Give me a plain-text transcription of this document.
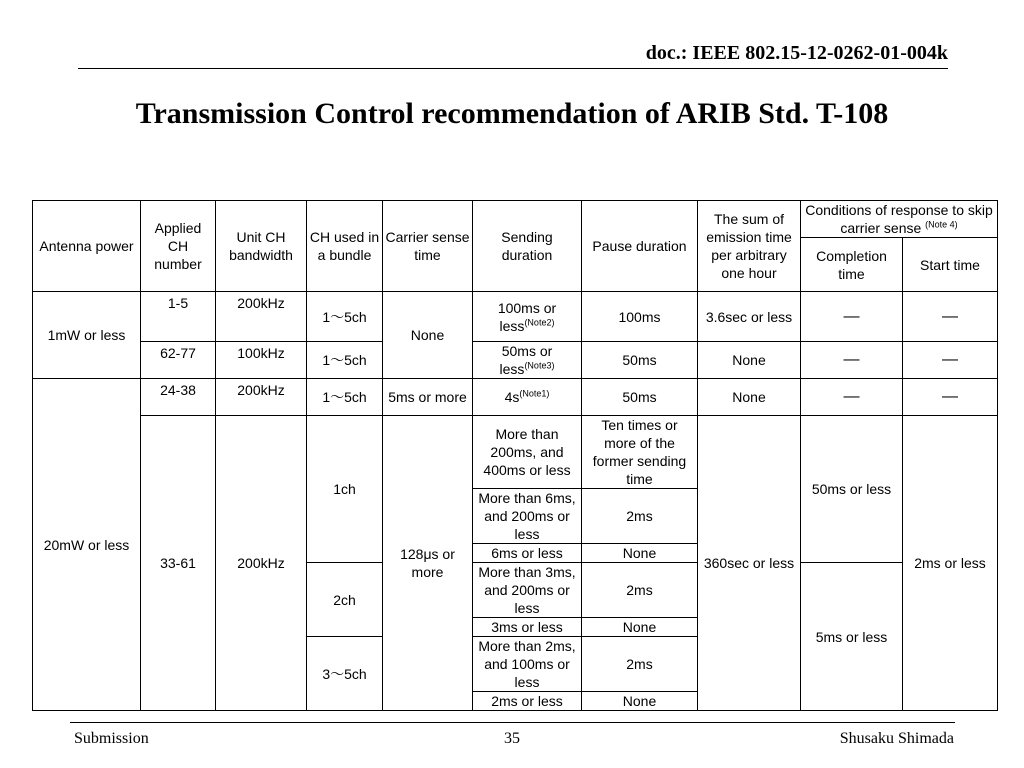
doc.: IEEE 802.15-12-0262-01-004k
Transmission Control recommendation of ARIB Std. T-108
Antenna power	Applied CH number	Unit CH bandwidth	CH used in a bundle	Carrier sense time	Sending duration	Pause duration	The sum of emission time per arbitrary one hour	Conditions of response to skip carrier sense $^{(Note 4)}$
								Completion time	Start time
1mW or less	1-5	200kHz	1～5ch	None	100ms or less$^{(Note2)}$	100ms	3.6sec or less	—	—
	62-77	100kHz	1～5ch		50ms or less$^{(Note3)}$	50ms	None	—	—
20mW or less	24-38	200kHz	1～5ch	5ms or more	$4s^{(Note1)}$	50ms	None	—	—
	33-61	200kHz	1ch	128μs or more	More than 200ms, and 400ms or less	Ten times or more of the former sending time	360sec or less	50ms or less	2ms or less
					More than 6ms, and 200ms or less	2ms			
					6ms or less	None			
			2ch		More than 3ms, and 200ms or less	2ms		5ms or less	
					3ms or less	None			
			3～5ch		More than 2ms, and 100ms or less	2ms			
					2ms or less	None			
Submission	35	Shusaku Shimada
